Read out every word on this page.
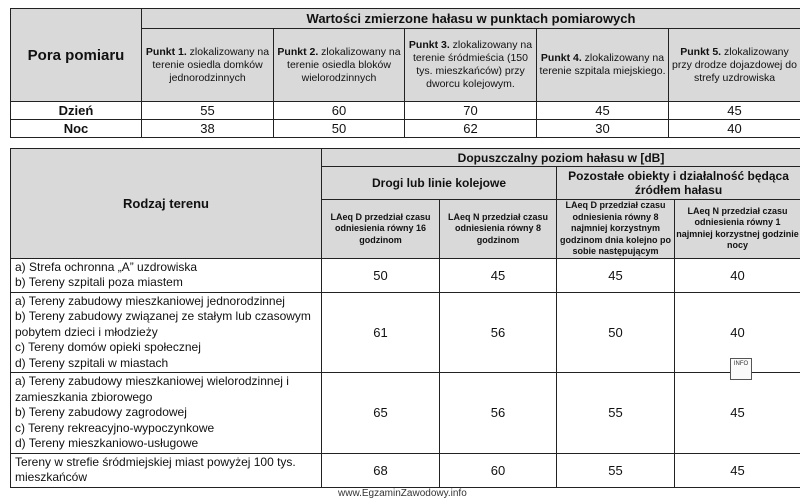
Pora pomiaru	Wartości zmierzone hałasu w punktach pomiarowych				
	Punkt 1. zlokalizowany na terenie osiedla domków jednorodzinnych	Punkt 2. zlokalizowany na terenie osiedla bloków wielorodzinnych	Punkt 3. zlokalizowany na terenie śródmieścia (150 tys. mieszkańców) przy dworcu kolejowym.	Punkt 4. zlokalizowany na terenie szpitala miejskiego.	Punkt 5. zlokalizowany przy drodze dojazdowej do strefy uzdrowiska
Dzień	55	60	70	45	45
Noc	38	50	62	30	40
Rodzaj terenu	Dopuszczalny poziom hałasu w [dB]			
	Drogi lub linie kolejowe		Pozostałe obiekty i działalność będąca źródłem hałasu	
	LAeq D przedział czasu odniesienia równy 16 godzinom	LAeq N przedział czasu odniesienia równy 8 godzinom	LAeq D przedział czasu odniesienia równy 8 najmniej korzystnym godzinom dnia kolejno po sobie następującym	LAeq N przedział czasu odniesienia równy 1 najmniej korzystnej godzinie nocy

a) Strefa ochronna „A” uzdrowiska
b) Tereny szpitali poza miastem	50	45	45	40

a) Tereny zabudowy mieszkaniowej jednorodzinnej
b) Tereny zabudowy związanej ze stałym lub czasowym pobytem dzieci i młodzieży
c) Tereny domów opieki społecznej
d) Tereny szpitali w miastach	61	56	50	40

a) Tereny zabudowy mieszkaniowej wielorodzinnej i zamieszkania zbiorowego
b) Tereny zabudowy zagrodowej
c) Tereny rekreacyjno-wypoczynkowe
d) Tereny mieszkaniowo-usługowe	65	56	55	45

Tereny w strefie śródmiejskiej miast powyżej 100 tys. mieszkańców	68	60	55	45
INFO
www.EgzaminZawodowy.info
